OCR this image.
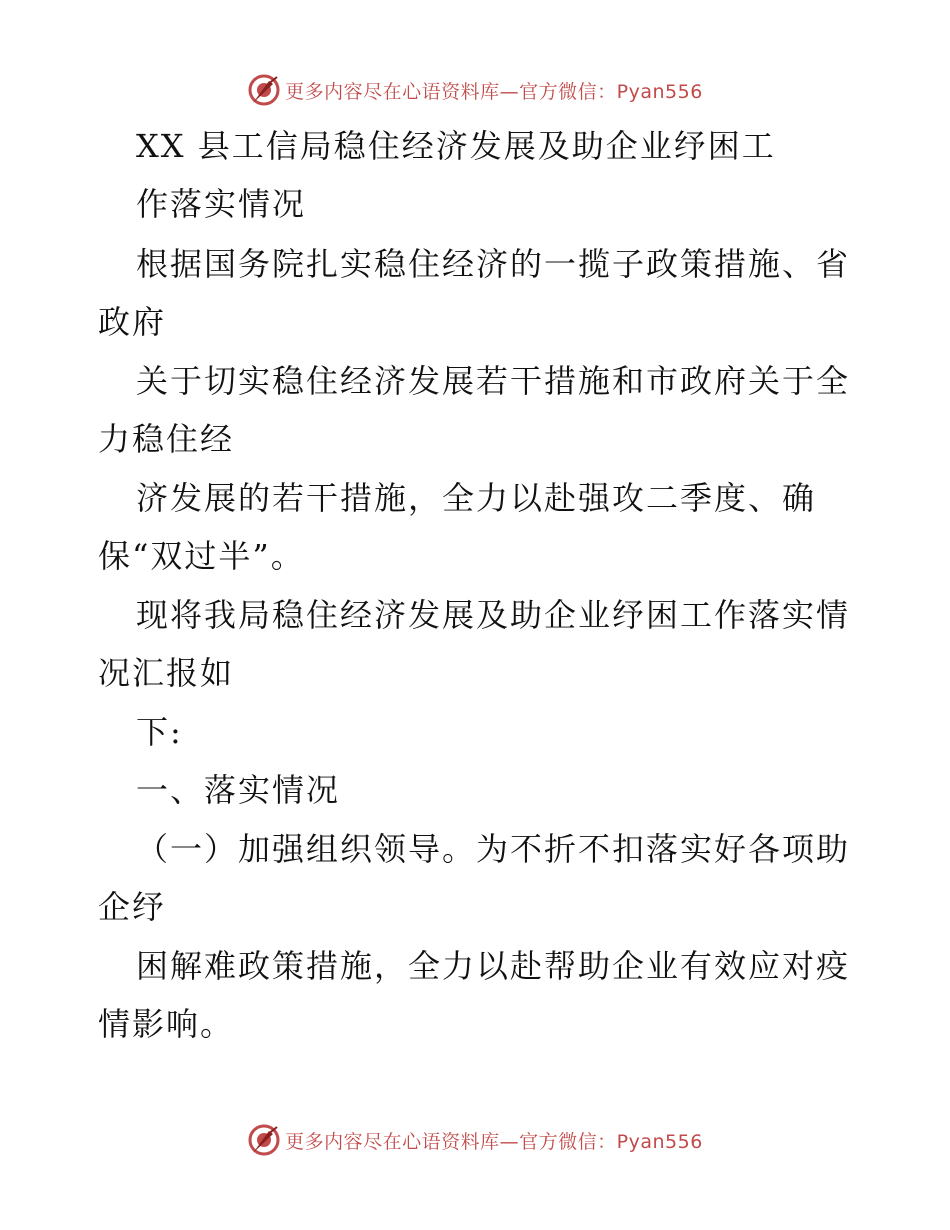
更多内容尽在心语资料库—官方微信：Pyan556
XX 县工信局稳住经济发展及助企业纾困工
作落实情况
根据国务院扎实稳住经济的一揽子政策措施、省
政府
关于切实稳住经济发展若干措施和市政府关于全
力稳住经
济发展的若干措施，全力以赴强攻二季度、确
保“双过半”。
现将我局稳住经济发展及助企业纾困工作落实情
况汇报如
下:
一、落实情况
（一）加强组织领导。为不折不扣落实好各项助
企纾
困解难政策措施，全力以赴帮助企业有效应对疫
情影响。
更多内容尽在心语资料库—官方微信：Pyan556
